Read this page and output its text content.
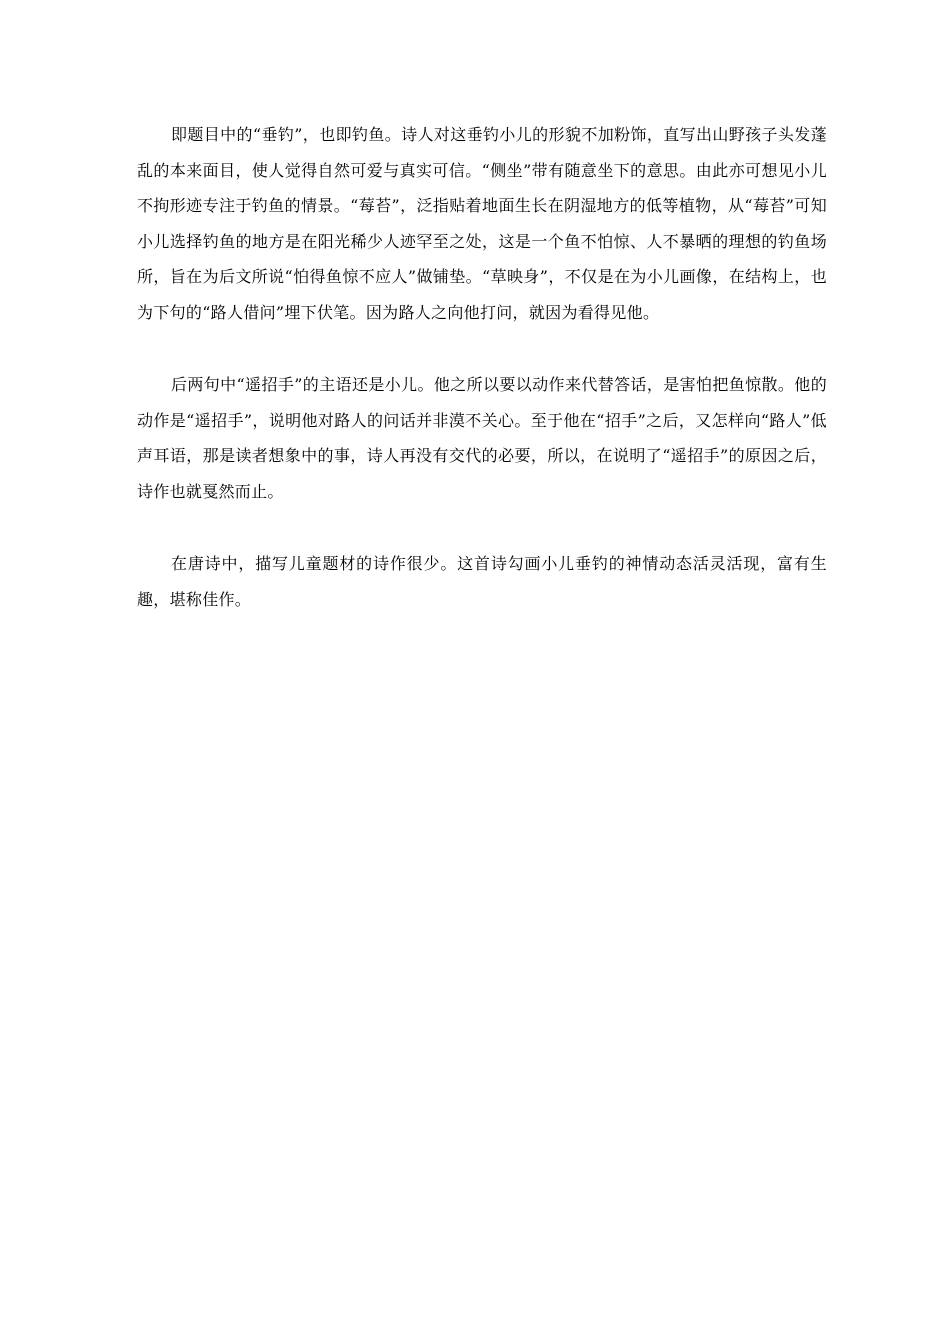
即题目中的“垂钓”，也即钓鱼。诗人对这垂钓小儿的形貌不加粉饰，直写出山野孩子头发蓬乱的本来面目，使人觉得自然可爱与真实可信。“侧坐”带有随意坐下的意思。由此亦可想见小儿不拘形迹专注于钓鱼的情景。“莓苔”，泛指贴着地面生长在阴湿地方的低等植物，从“莓苔”可知小儿选择钓鱼的地方是在阳光稀少人迹罕至之处，这是一个鱼不怕惊、人不暴晒的理想的钓鱼场所，旨在为后文所说“怕得鱼惊不应人”做铺垫。“草映身”，不仅是在为小儿画像，在结构上，也为下句的“路人借问”埋下伏笔。因为路人之向他打问，就因为看得见他。

后两句中“遥招手”的主语还是小儿。他之所以要以动作来代替答话，是害怕把鱼惊散。他的动作是“遥招手”，说明他对路人的问话并非漠不关心。至于他在“招手”之后，又怎样向“路人”低声耳语，那是读者想象中的事，诗人再没有交代的必要，所以，在说明了“遥招手”的原因之后，诗作也就戛然而止。

在唐诗中，描写儿童题材的诗作很少。这首诗勾画小儿垂钓的神情动态活灵活现，富有生趣，堪称佳作。
